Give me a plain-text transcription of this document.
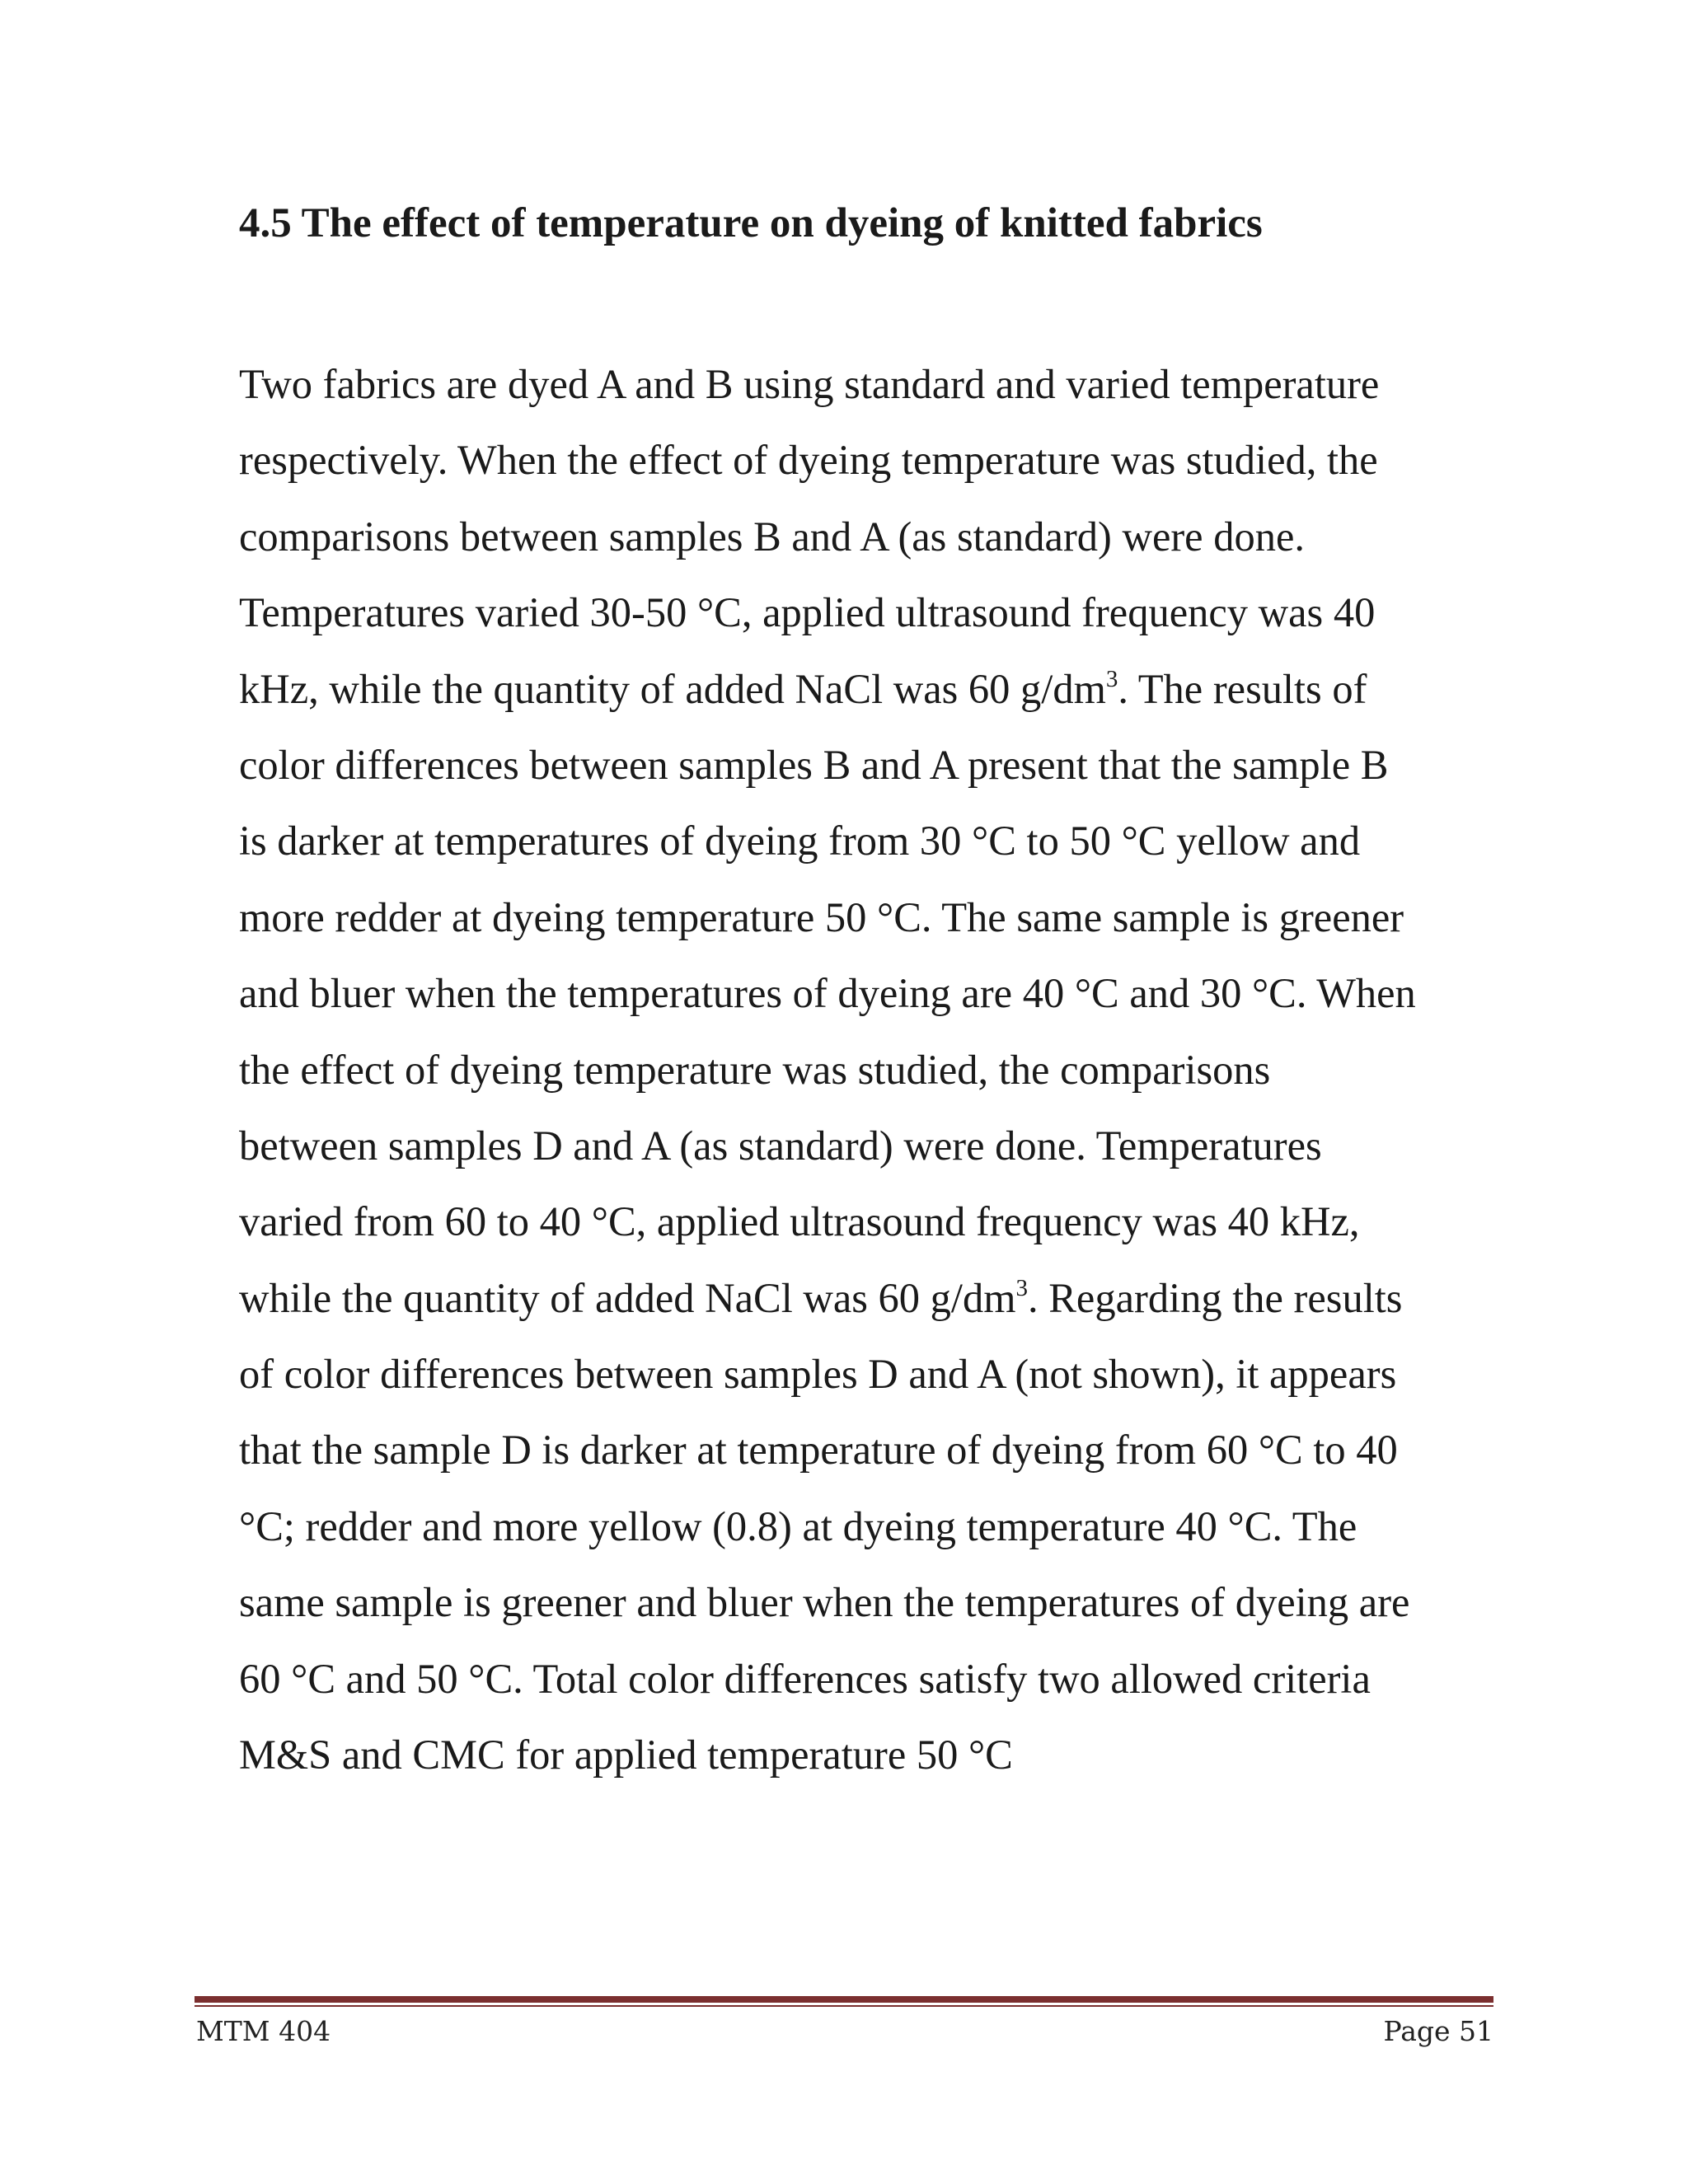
4.5 The effect of temperature on dyeing of knitted fabrics
Two fabrics are dyed A and B using standard and varied temperature
respectively. When the effect of dyeing temperature was studied, the
comparisons between samples B and A (as standard) were done.
Temperatures varied 30-50 °C, applied ultrasound frequency was 40
kHz, while the quantity of added NaCl was 60 $g/dm^3$. The results of
color differences between samples B and A present that the sample B
is darker at temperatures of dyeing from 30 °C to 50 °C yellow and
more redder at dyeing temperature 50 °C. The same sample is greener
and bluer when the temperatures of dyeing are 40 °C and 30 °C. When
the effect of dyeing temperature was studied, the comparisons
between samples D and A (as standard) were done. Temperatures
varied from 60 to 40 °C, applied ultrasound frequency was 40 kHz,
while the quantity of added NaCl was 60 $g/dm^3$. Regarding the results
of color differences between samples D and A (not shown), it appears
that the sample D is darker at temperature of dyeing from 60 °C to 40
°C; redder and more yellow (0.8) at dyeing temperature 40 °C. The
same sample is greener and bluer when the temperatures of dyeing are
60 °C and 50 °C. Total color differences satisfy two allowed criteria
M&S and CMC for applied temperature 50 °C
MTM 404	Page 51
